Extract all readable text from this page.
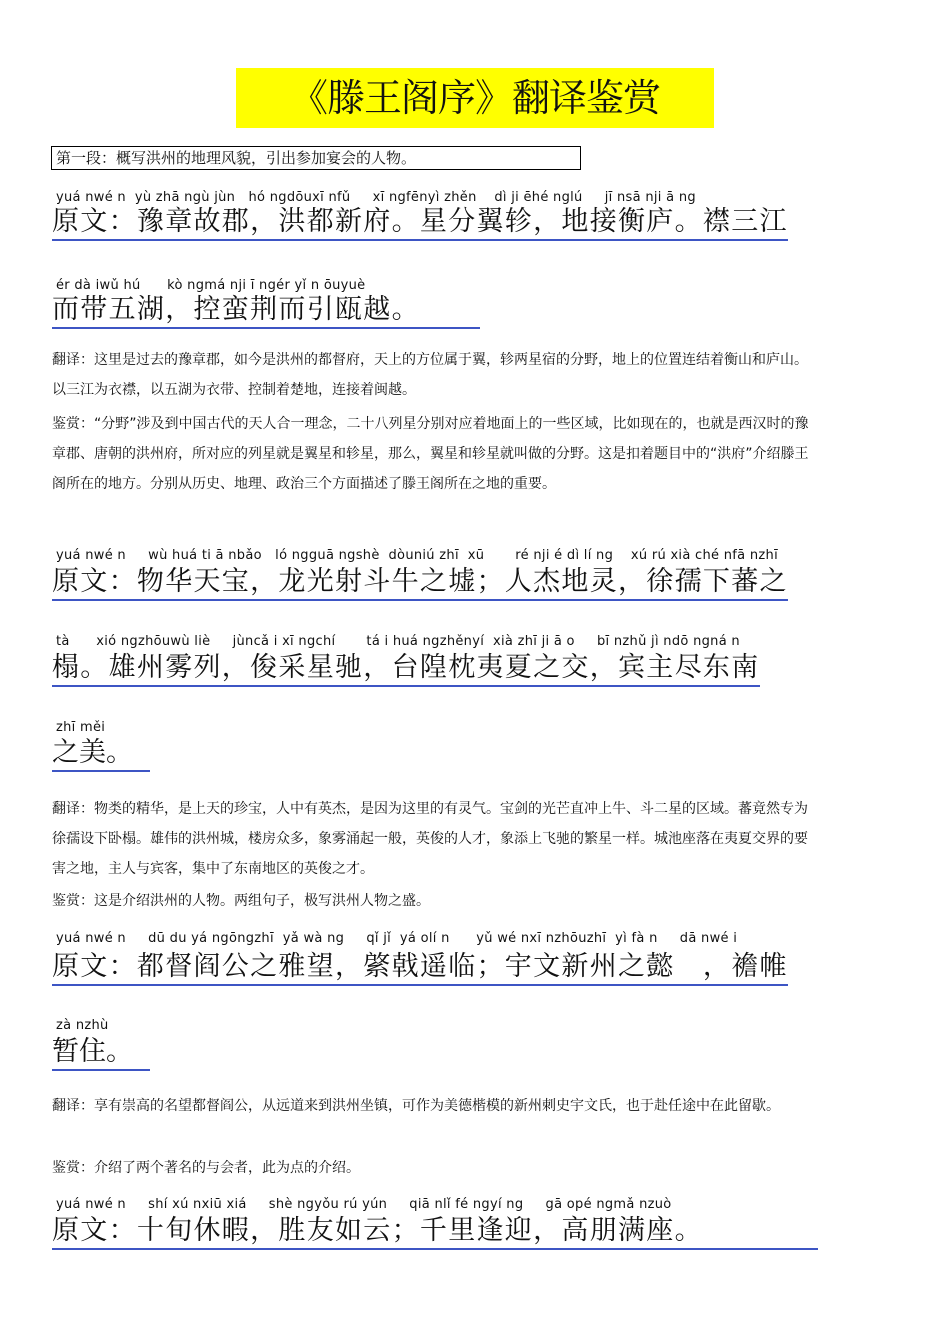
《滕王阁序》翻译鉴赏
第一段：概写洪州的地理风貌，引出参加宴会的人物。
yuá nwé n  yù zhā ngù jùn   hó ngdōuxī nfǔ     xī ngfēnyì zhěn    dì ji ēhé nglú     jī nsā nji ā ng
原文：豫章故郡，洪都新府。星分翼轸，地接衡庐。襟三江
ér dà iwǔ hú      kò ngmá nji ī ngér yǐ n ōuyuè
而带五湖，控蛮荆而引瓯越。

翻译：这里是过去的豫章郡，如今是洪州的都督府，天上的方位属于翼，轸两星宿的分野，地上的位置连结着衡山和庐山。以三江为衣襟，以五湖为衣带、控制着楚地，连接着闽越。

鉴赏：“分野”涉及到中国古代的天人合一理念，二十八列星分别对应着地面上的一些区域，比如现在的，也就是西汉时的豫章郡、唐朝的洪州府，所对应的列星就是翼星和轸星，那么，翼星和轸星就叫做的分野。这是扣着题目中的“洪府”介绍滕王阁所在的地方。分别从历史、地理、政治三个方面描述了滕王阁所在之地的重要。

yuá nwé n     wù huá ti ā nbǎo   ló ngguā ngshè  dòuniú zhī  xū       ré nji é dì lí ng    xú rú xià ché nfā nzhī
原文：物华天宝，龙光射斗牛之墟；人杰地灵，徐孺下蕃之
tà      xió ngzhōuwù liè     jùncǎ i xī ngchí       tá i huá ngzhěnyí  xià zhī ji ā o     bī nzhǔ jì ndō ngná n
榻。雄州雾列，俊采星驰，台隍枕夷夏之交，宾主尽东南
zhī měi
之美。

翻译：物类的精华，是上天的珍宝，人中有英杰，是因为这里的有灵气。宝剑的光芒直冲上牛、斗二星的区域。蕃竟然专为徐孺设下卧榻。雄伟的洪州城，楼房众多，象雾涌起一般，英俊的人才，象添上飞驰的繁星一样。城池座落在夷夏交界的要害之地，主人与宾客，集中了东南地区的英俊之才。

鉴赏：这是介绍洪州的人物。两组句子，极写洪州人物之盛。

yuá nwé n     dū du yá ngōngzhī  yǎ wà ng     qǐ jǐ  yá olí n      yǔ wé nxī nzhōuzhī  yì fà n     dā nwé i
原文：都督阎公之雅望，綮戟遥临；宇文新州之懿　，襜帷
zà nzhù
暂住。

翻译：享有崇高的名望都督阎公，从远道来到洪州坐镇，可作为美德楷模的新州刺史宇文氏，也于赴任途中在此留歇。

鉴赏：介绍了两个著名的与会者，此为点的介绍。

yuá nwé n     shí xú nxiū xiá     shè ngyǒu rú yún     qiā nlǐ fé ngyí ng     gā opé ngmǎ nzuò
原文：十旬休暇，胜友如云；千里逢迎，高朋满座。
